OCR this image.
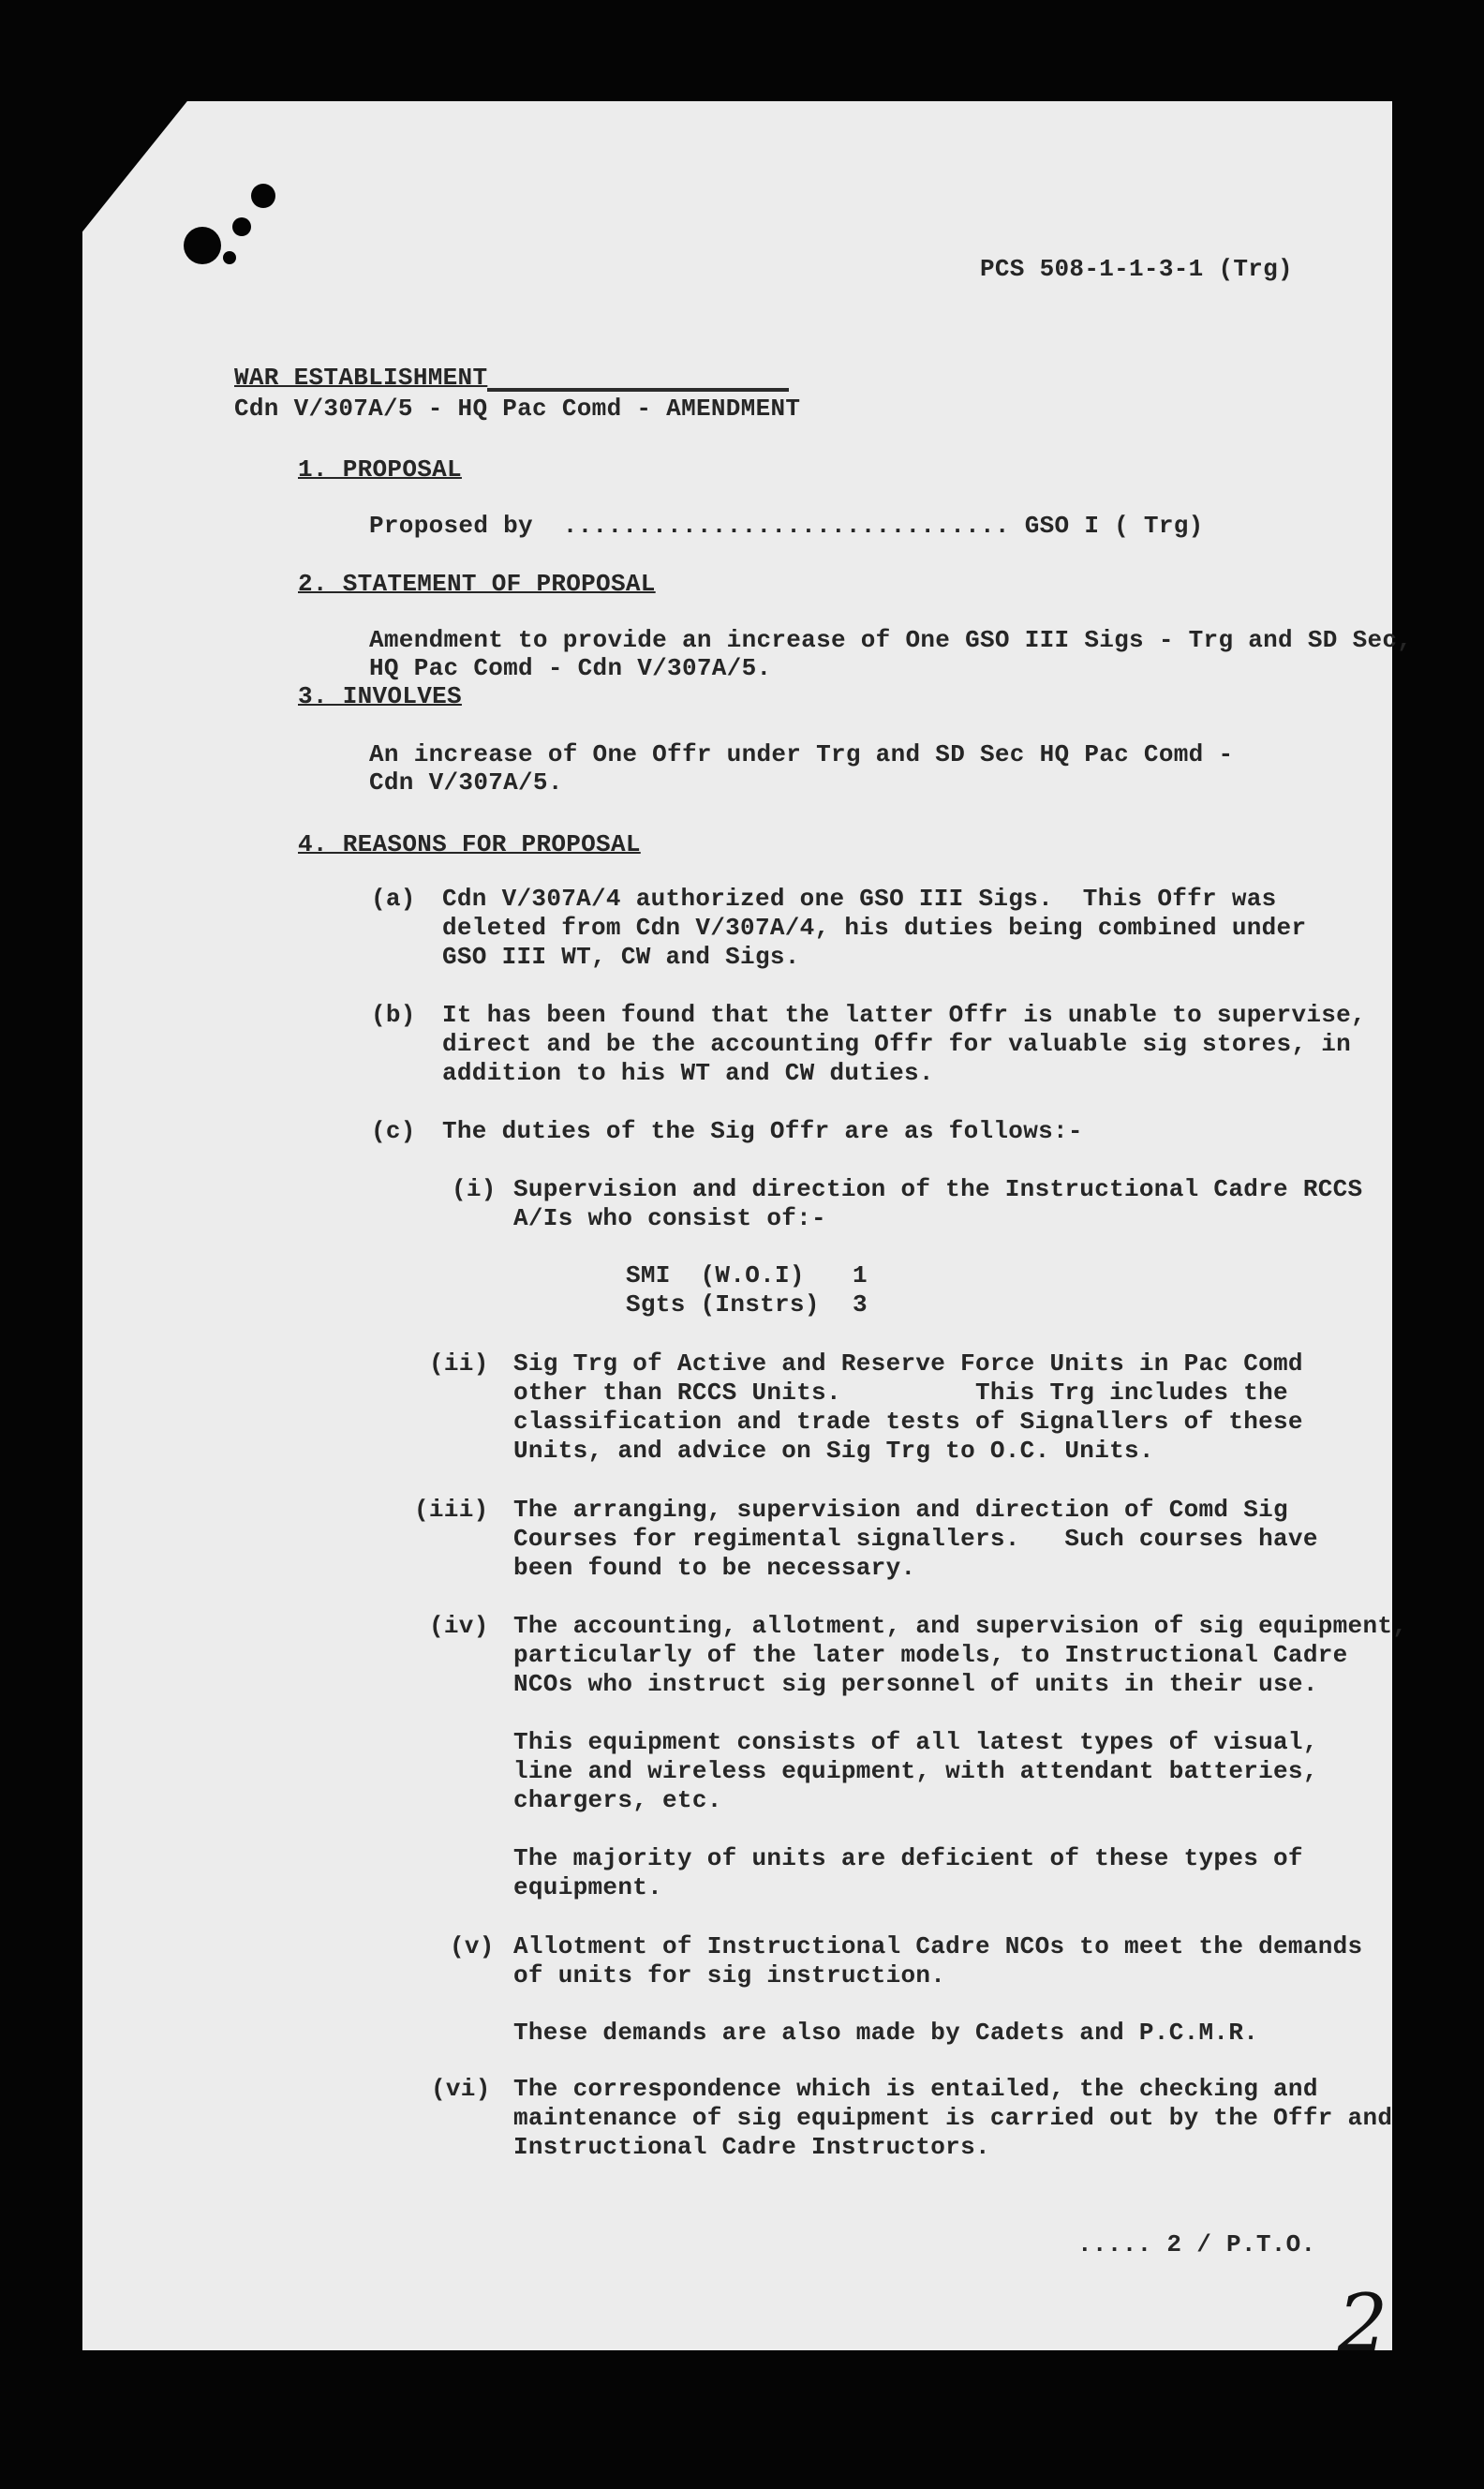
PCS 508-1-1-3-1 (Trg)
WAR ESTABLISHMENT
Cdn V/307A/5 - HQ Pac Comd - AMENDMENT
1. PROPOSAL
Proposed by  .............................. GSO I ( Trg)
2. STATEMENT OF PROPOSAL
Amendment to provide an increase of One GSO III Sigs - Trg and SD Sec,
HQ Pac Comd - Cdn V/307A/5.
3. INVOLVES
An increase of One Offr under Trg and SD Sec HQ Pac Comd -
Cdn V/307A/5.
4. REASONS FOR PROPOSAL
(a) Cdn V/307A/4 authorized one GSO III Sigs.  This Offr was
deleted from Cdn V/307A/4, his duties being combined under
GSO III WT, CW and Sigs.
(b) It has been found that the latter Offr is unable to supervise,
direct and be the accounting Offr for valuable sig stores, in
addition to his WT and CW duties.
(c) The duties of the Sig Offr are as follows:-
(i) Supervision and direction of the Instructional Cadre RCCS
A/Is who consist of:-
SMI  (W.O.I) 1
Sgts (Instrs) 3
(ii) Sig Trg of Active and Reserve Force Units in Pac Comd
other than RCCS Units.         This Trg includes the
classification and trade tests of Signallers of these
Units, and advice on Sig Trg to O.C. Units.
(iii) The arranging, supervision and direction of Comd Sig
Courses for regimental signallers.   Such courses have
been found to be necessary.
(iv) The accounting, allotment, and supervision of sig equipment,
particularly of the later models, to Instructional Cadre
NCOs who instruct sig personnel of units in their use.
This equipment consists of all latest types of visual,
line and wireless equipment, with attendant batteries,
chargers, etc.
The majority of units are deficient of these types of
equipment.
(v) Allotment of Instructional Cadre NCOs to meet the demands
of units for sig instruction.
These demands are also made by Cadets and P.C.M.R.
(vi) The correspondence which is entailed, the checking and
maintenance of sig equipment is carried out by the Offr and
Instructional Cadre Instructors.
..... 2 / P.T.O.
2
